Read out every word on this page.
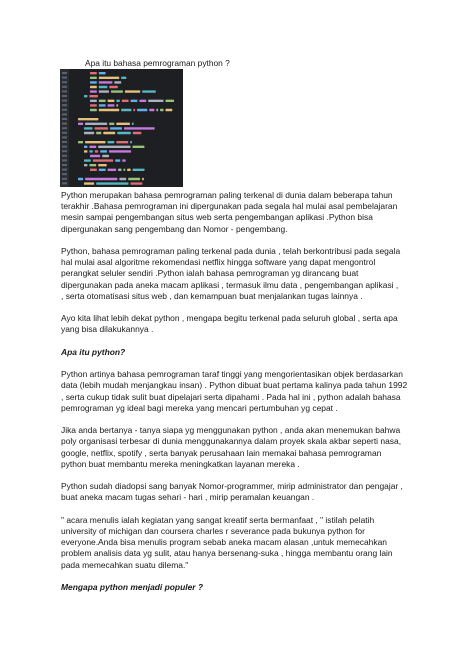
Apa itu bahasa pemrograman python ?

Python merupakan bahasa pemrograman paling terkenal di dunia dalam beberapa tahun
terakhir .Bahasa pemrograman ini dipergunakan pada segala hal mulai asal pembelajaran
mesin sampai pengembangan situs web serta pengembangan aplikasi .Python bisa
dipergunakan sang pengembang dan Nomor - pengembang.

Python, bahasa pemrograman paling terkenal pada dunia , telah berkontribusi pada segala
hal mulai asal algoritme rekomendasi netflix hingga software yang dapat mengontrol
perangkat seluler sendiri .Python ialah bahasa pemrograman yg dirancang buat
dipergunakan pada aneka macam aplikasi , termasuk ilmu data , pengembangan aplikasi ,
, serta otomatisasi situs web , dan kemampuan buat menjalankan tugas lainnya .

Ayo kita lihat lebih dekat python , mengapa begitu terkenal pada seluruh global , serta apa
yang bisa dilakukannya .

Apa itu python?

Python artinya bahasa pemrograman taraf tinggi yang mengorientasikan objek berdasarkan
data (lebih mudah menjangkau insan) . Python dibuat buat pertama kalinya pada tahun 1992
, serta cukup tidak sulit buat dipelajari serta dipahami . Pada hal ini , python adalah bahasa
pemrograman yg ideal bagi mereka yang mencari pertumbuhan yg cepat .

Jika anda bertanya - tanya siapa yg menggunakan python , anda akan menemukan bahwa
poly organisasi terbesar di dunia menggunakannya dalam proyek skala akbar seperti nasa,
google, netflix, spotify , serta banyak perusahaan lain memakai bahasa pemrograman
python buat membantu mereka meningkatkan layanan mereka .

Python sudah diadopsi sang banyak Nomor-programmer, mirip administrator dan pengajar ,
buat aneka macam tugas sehari - hari , mirip peramalan keuangan .

" acara menulis ialah kegiatan yang sangat kreatif serta bermanfaat , " istilah pelatih
university of michigan dan coursera charles r severance pada bukunya python for
everyone.Anda bisa menulis program sebab aneka macam alasan ,untuk memecahkan
problem analisis data yg sulit, atau hanya bersenang-suka , hingga membantu orang lain
pada memecahkan suatu dilema."

Mengapa python menjadi populer ?
